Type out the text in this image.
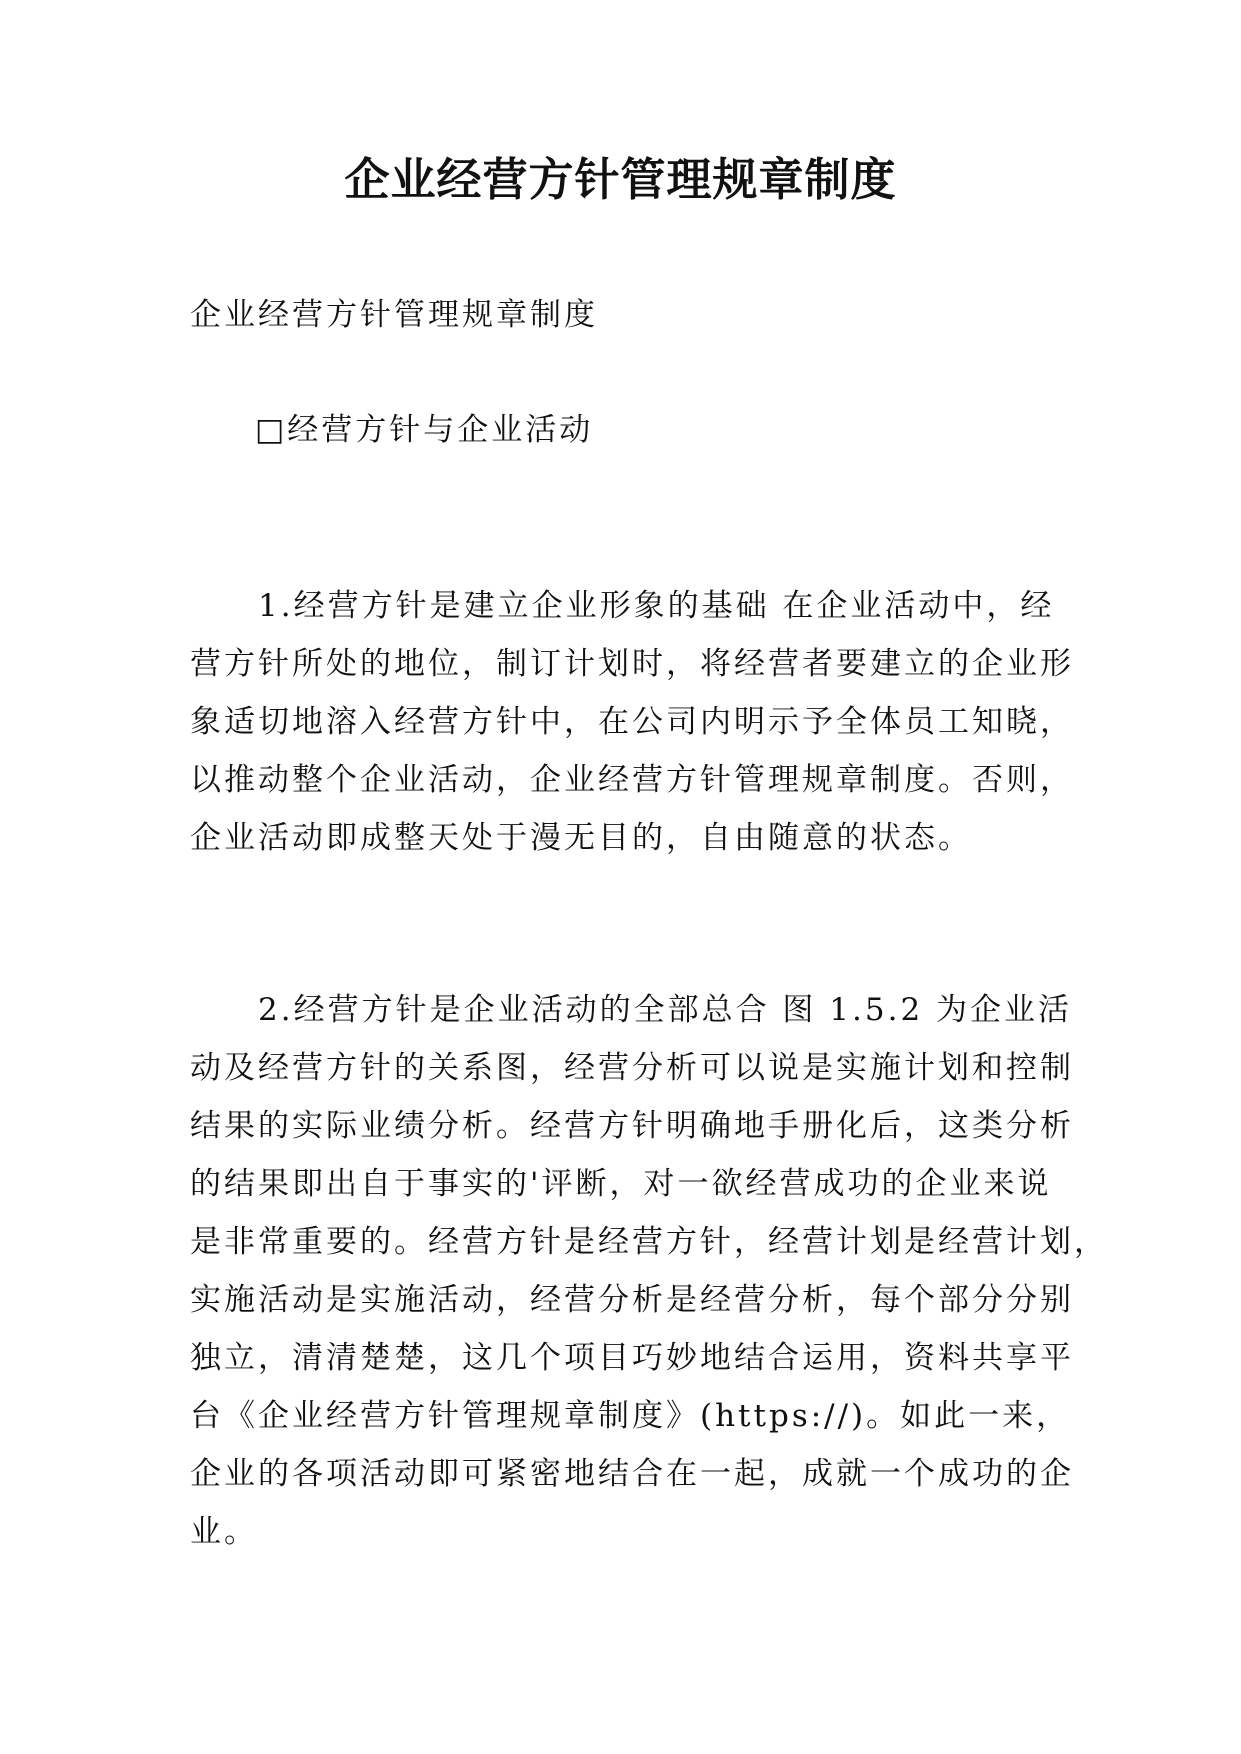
企业经营方针管理规章制度
企业经营方针管理规章制度
□经营方针与企业活动
　　1.经营方针是建立企业形象的基础 在企业活动中，经
营方针所处的地位，制订计划时，将经营者要建立的企业形
象适切地溶入经营方针中，在公司内明示予全体员工知晓，
以推动整个企业活动，企业经营方针管理规章制度。否则，
企业活动即成整天处于漫无目的，自由随意的状态。
　　2.经营方针是企业活动的全部总合 图 1.5.2 为企业活
动及经营方针的关系图，经营分析可以说是实施计划和控制
结果的实际业绩分析。经营方针明确地手册化后，这类分析
的结果即出自于事实的'评断，对一欲经营成功的企业来说
是非常重要的。经营方针是经营方针，经营计划是经营计划，
实施活动是实施活动，经营分析是经营分析，每个部分分别
独立，清清楚楚，这几个项目巧妙地结合运用，资料共享平
台《企业经营方针管理规章制度》(https://)。如此一来，
企业的各项活动即可紧密地结合在一起，成就一个成功的企
业。
